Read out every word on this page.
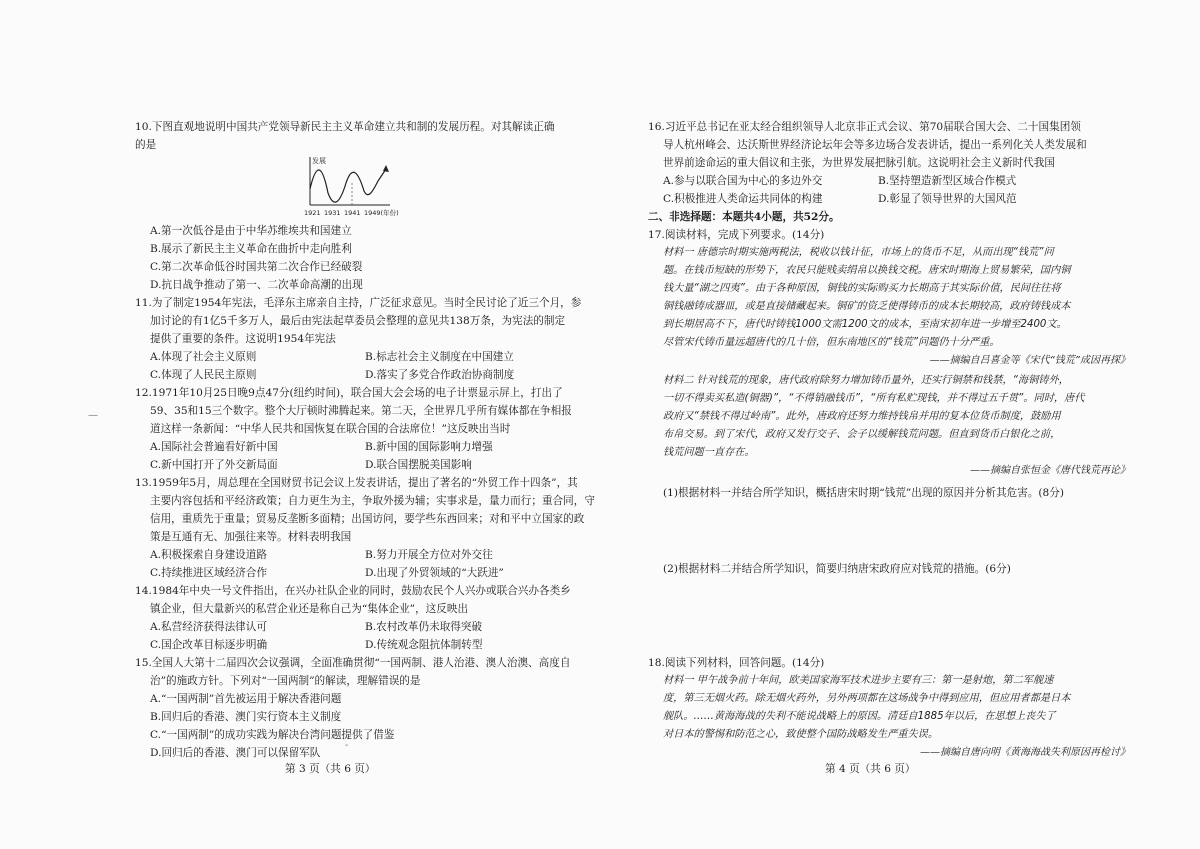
10.下图直观地说明中国共产党领导新民主主义革命建立共和制的发展历程。对其解读正确
的是
发展
1921 1931 1941 1949(年份)
A.第一次低谷是由于中华苏维埃共和国建立
B.展示了新民主主义革命在曲折中走向胜利
C.第二次革命低谷时国共第二次合作已经破裂
D.抗日战争推动了第一、二次革命高潮的出现
11.为了制定1954年宪法，毛泽东主席亲自主持，广泛征求意见。当时全民讨论了近三个月，参
加讨论的有1亿5千多万人，最后由宪法起草委员会整理的意见共138万条，为宪法的制定
提供了重要的条件。这说明1954年宪法
A.体现了社会主义原则	B.标志社会主义制度在中国建立
C.体现了人民民主原则	D.落实了多党合作政治协商制度
12.1971年10月25日晚9点47分(纽约时间)，联合国大会会场的电子计票显示屏上，打出了
59、35和15三个数字。整个大厅顿时沸腾起来。第二天，全世界几乎所有媒体都在争相报
道这样一条新闻：“中华人民共和国恢复在联合国的合法席位！”这反映出当时
A.国际社会普遍看好新中国	B.新中国的国际影响力增强
C.新中国打开了外交新局面	D.联合国摆脱美国影响
13.1959年5月，周总理在全国财贸书记会议上发表讲话，提出了著名的“外贸工作十四条”，其
主要内容包括和平经济政策；自力更生为主，争取外援为辅；实事求是，量力而行；重合同，守
信用，重质先于重量；贸易反垄断多面精；出国访问，要学些东西回来；对和平中立国家的政
策是互通有无、加强往来等。材料表明我国
A.积极探索自身建设道路	B.努力开展全方位对外交往
C.持续推进区域经济合作	D.出现了外贸领域的“大跃进”
14.1984年中央一号文件指出，在兴办社队企业的同时，鼓励农民个人兴办或联合兴办各类乡
镇企业，但大量新兴的私营企业还是称自己为“集体企业”，这反映出
A.私营经济获得法律认可	B.农村改革仍未取得突破
C.国企改革目标逐步明确	D.传统观念阻抗体制转型
15.全国人大第十二届四次会议强调，全面准确贯彻“一国两制、港人治港、澳人治澳、高度自
治”的施政方针。下列对“一国两制”的解读，理解错误的是
A.“一国两制”首先被运用于解决香港问题
B.回归后的香港、澳门实行资本主义制度
C.“一国两制”的成功实践为解决台湾问题提供了借鉴
D.回归后的香港、澳门可以保留军队
—
-
第 3 页（共 6 页）
16.习近平总书记在亚太经合组织领导人北京非正式会议、第70届联合国大会、二十国集团领
导人杭州峰会、达沃斯世界经济论坛年会等多边场合发表讲话，提出一系列化关人类发展和
世界前途命运的重大倡议和主张，为世界发展把脉引航。这说明社会主义新时代我国
A.参与以联合国为中心的多边外交	B.坚持塑造新型区域合作模式
C.积极推进人类命运共同体的构建	D.彰显了领导世界的大国风范
二、非选择题：本题共4小题，共52分。
17.阅读材料，完成下列要求。(14分)
材料一 唐德宗时期实施两税法，税收以钱计征，市场上的货币不足，从而出现“钱荒”问
题。在钱币短缺的形势下，农民只能贱卖绢帛以换钱交税。唐宋时期海上贸易繁荣，国内铜
钱大量“湖之四夷”。由于各种原因，铜钱的实际购买力长期高于其实际价值，民间往往将
铜钱融铸成器皿，或是直接储藏起来。铜矿的资乏使得铸币的成本长期较高，政府铸钱成本
到长期居高不下，唐代时铸钱1000文需1200文的成本，至南宋初年进一步增至2400文。
尽管宋代铸币量远超唐代的几十倍，但东南地区的“钱荒”问题仍十分严重。
——摘编自吕喜金等《宋代“钱荒”成因再探》
材料二 针对钱荒的现象，唐代政府除努力增加铸币量外，还实行铜禁和钱禁，“海铜铸外，
一切不得卖买私造(铜器)”，“不得销融钱币”，“所有私贮现钱，并不得过五千贯”。同时，唐代
政府又“禁钱不得过岭南”。此外，唐政府还努力维持钱帛并用的复本位货币制度，鼓励用
布帛交易。到了宋代，政府又发行交子、会子以缓解钱荒问题。但直到货币白银化之前，
钱荒问题一直存在。
——摘编自张恒金《唐代钱荒再论》
(1)根据材料一并结合所学知识，概括唐宋时期“钱荒”出现的原因并分析其危害。(8分)
(2)根据材料二并结合所学知识，简要归纳唐宋政府应对钱荒的措施。(6分)
18.阅读下列材料，回答问题。(14分)
材料一 甲午战争前十年间，欧美国家海军技术进步主要有三：第一是射炮，第二军舰速
度，第三无烟火药。除无烟火药外，另外两项都在这场战争中得到应用，但应用者都是日本
舰队。……黄海海战的失利不能说战略上的原因。清廷自1885年以后，在思想上丧失了
对日本的警惕和防范之心，致使整个国防战略发生严重失误。
——摘编自唐向明《黄海海战失利原因再检讨》
第 4 页（共 6 页）
